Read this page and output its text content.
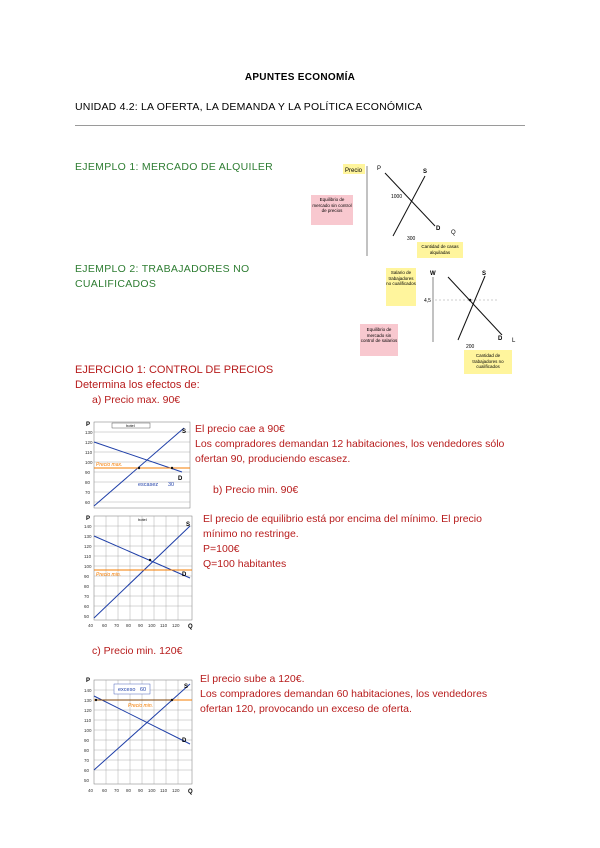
APUNTES ECONOMÍA
UNIDAD 4.2: LA OFERTA, LA DEMANDA Y LA POLÍTICA ECONÓMICA
EJEMPLO 1: MERCADO DE ALQUILER	Precio P	S
D
Q
1000
300
Equilibrio de mercado sin control de precios
Cantidad de casas alquiladas
EJEMPLO 2: TRABAJADORES NO
CUALIFICADOS
Salario de trabajadores no cualificados
W
4,5
S
D L
200
Equilibrio de mercado sin control de salarios
Cantidad de trabajadores no cualificados
EJERCICIO 1: CONTROL DE PRECIOS
Determina los efectos de:
a) Precio max. 90€
P
130
120
110
100
90
80
70
60
hotel
Precio max.
escasez 30
S
D
El precio cae a 90€
Los compradores demandan 12 habitaciones, los vendedores sólo
ofertan 90, produciendo escasez.
b) Precio min. 90€
P
140
130
120
110
100
90
80
70
60
50
40 60 70 80 90 100 110 120 Q
hotel
Precio min.
S
D
El precio de equilibrio está por encima del mínimo. El precio
mínimo no restringe.
P=100€
Q=100 habitantes
c) Precio min. 120€
P
140
130
120
110
100
90
80
70
60
50
40 60 70 80 90 100 110 120 Q
Precio min.
exceso 60	S
D
El precio sube a 120€.
Los compradores demandan 60 habitaciones, los vendedores
ofertan 120, provocando un exceso de oferta.
